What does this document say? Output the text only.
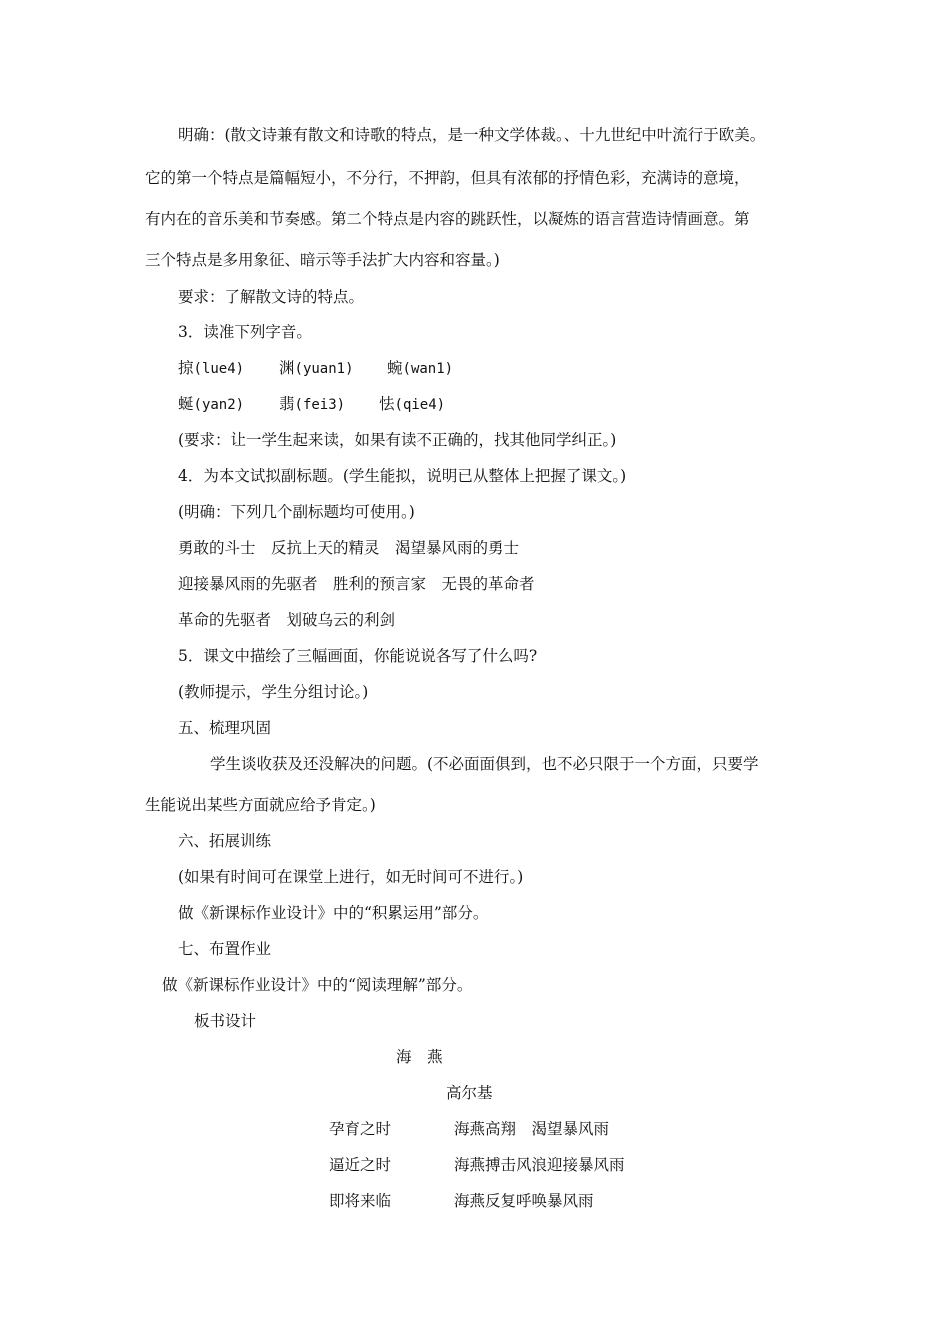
明确：(散文诗兼有散文和诗歌的特点，是一种文学体裁。、十九世纪中叶流行于欧美。
它的第一个特点是篇幅短小，不分行，不押韵，但具有浓郁的抒情色彩，充满诗的意境，
有内在的音乐美和节奏感。第二个特点是内容的跳跃性，以凝炼的语言营造诗情画意。第
三个特点是多用象征、暗示等手法扩大内容和容量。)
要求：了解散文诗的特点。
3．读准下列字音。
掠(lue4) 渊(yuan1) 蜿(wan1)
蜒(yan2) 翡(fei3) 怯(qie4)
(要求：让一学生起来读，如果有读不正确的，找其他同学纠正。)
4．为本文试拟副标题。(学生能拟，说明已从整体上把握了课文。)
(明确：下列几个副标题均可使用。)
勇敢的斗士　反抗上天的精灵　渴望暴风雨的勇士
迎接暴风雨的先驱者　胜利的预言家　无畏的革命者
革命的先驱者　划破乌云的利剑
5．课文中描绘了三幅画面，你能说说各写了什么吗?
(教师提示，学生分组讨论。)
五、梳理巩固
学生谈收获及还没解决的问题。(不必面面俱到，也不必只限于一个方面，只要学
生能说出某些方面就应给予肯定。)
六、拓展训练
(如果有时间可在课堂上进行，如无时间可不进行。)
做《新课标作业设计》中的“积累运用”部分。
七、布置作业
做《新课标作业设计》中的“阅读理解”部分。
板书设计
海　燕
高尔基
孕育之时	海燕高翔　渴望暴风雨
逼近之时	海燕搏击风浪迎接暴风雨
即将来临	海燕反复呼唤暴风雨
